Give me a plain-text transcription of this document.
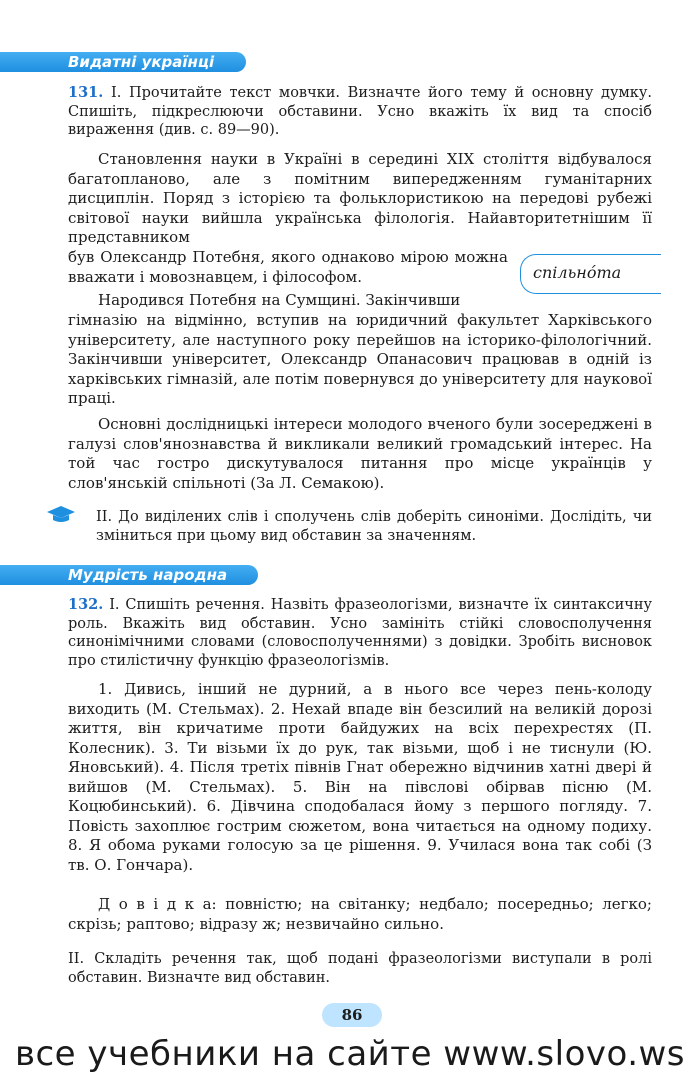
Видатні українці

131. І. Прочитайте текст мовчки. Визначте його тему й основну думку. Спишіть, підкреслюючи обставини. Усно вкажіть їх вид та спосіб вираження (див. с. 89—90).

Становлення науки в Україні в середині XIX століття відбувалося багатопланово, але з помітним випередженням гуманітарних дисциплін. Поряд з історією та фольклористикою на передові рубежі світової науки вийшла українська філологія. Найавторитетнішим її представником

був Олександр Потебня, якого однаково мірою можна вважати і мовознавцем, і філософом.

Народився Потебня на Сумщині. Закінчивши

гімназію на відмінно, вступив на юридичний факультет Харківського університету, але наступного року перейшов на історико-філологічний. Закінчивши університет, Олександр Опанасович працював в одній із харківських гімназій, але потім повернувся до університету для наукової праці.

Основні дослідницькі інтереси молодого вченого були зосереджені в галузі слов'янознавства й викликали великий громадський інтерес. На той час гостро дискутувалося питання про місце українців у слов'янській спільноті (За Л. Семакою).

спільно́та

ІІ. До виділених слів і сполучень слів доберіть синоніми. Дослідіть, чи зміниться при цьому вид обставин за значенням.

Мудрість народна

132. І. Спишіть речення. Назвіть фразеологізми, визначте їх синтаксичну роль. Вкажіть вид обставин. Усно замініть стійкі словосполучення синонімічними словами (словосполученнями) з довідки. Зробіть висновок про стилістичну функцію фразеологізмів.

1. Дивись, інший не дурний, а в нього все через пень-колоду виходить (М. Стельмах). 2. Нехай впаде він безсилий на великій дорозі життя, він кричатиме проти байдужих на всіх перехрестях (П. Колесник). 3. Ти візьми їх до рук, так візьми, щоб і не тиснули (Ю. Яновський). 4. Після третіх півнів Гнат обережно відчинив хатні двері й вийшов (М. Стельмах). 5. Він на півслові обірвав пісню (М. Коцюбинський). 6. Дівчина сподобалася йому з першого погляду. 7. Повість захоплює гострим сюжетом, вона читається на одному подиху. 8. Я обома руками голосую за це рішення. 9. Училася вона так собі (З тв. О. Гончара).

Д о в і д к а: повністю; на світанку; недбало; посередньо; легко; скрізь; раптово; відразу ж; незвичайно сильно.

ІІ. Складіть речення так, щоб подані фразеологізми виступали в ролі обставин. Визначте вид обставин.

86
все учебники на сайте www.slovo.ws
